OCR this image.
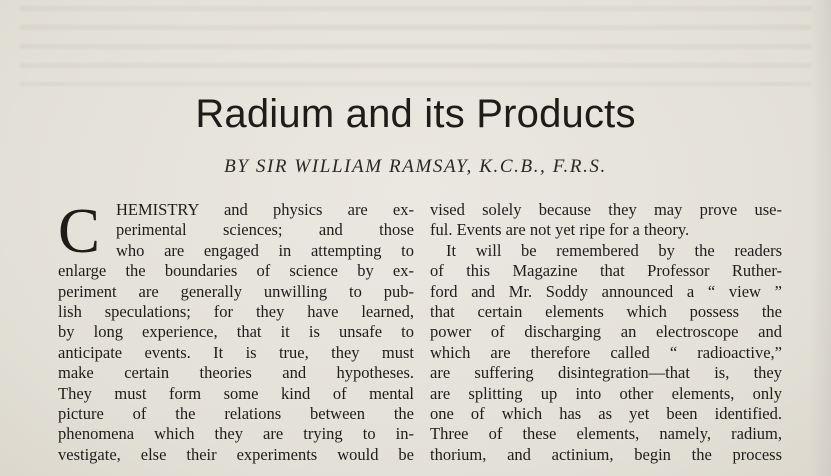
Radium and its Products
BY SIR WILLIAM RAMSAY, K.C.B., F.R.S.
C HEMISTRY and physics are ex-
perimental sciences; and those
who are engaged in attempting to
enlarge the boundaries of science by ex-
periment are generally unwilling to pub-
lish speculations; for they have learned,
by long experience, that it is unsafe to
anticipate events. It is true, they must
make certain theories and hypotheses.
They must form some kind of mental
picture of the relations between the
phenomena which they are trying to in-
vestigate, else their experiments would be
vised solely because they may prove use-
ful. Events are not yet ripe for a theory.
It will be remembered by the readers
of this Magazine that Professor Ruther-
ford and Mr. Soddy announced a “ view ”
that certain elements which possess the
power of discharging an electroscope and
which are therefore called “ radioactive,”
are suffering disintegration—that is, they
are splitting up into other elements, only
one of which has as yet been identified.
Three of these elements, namely, radium,
thorium, and actinium, begin the process
